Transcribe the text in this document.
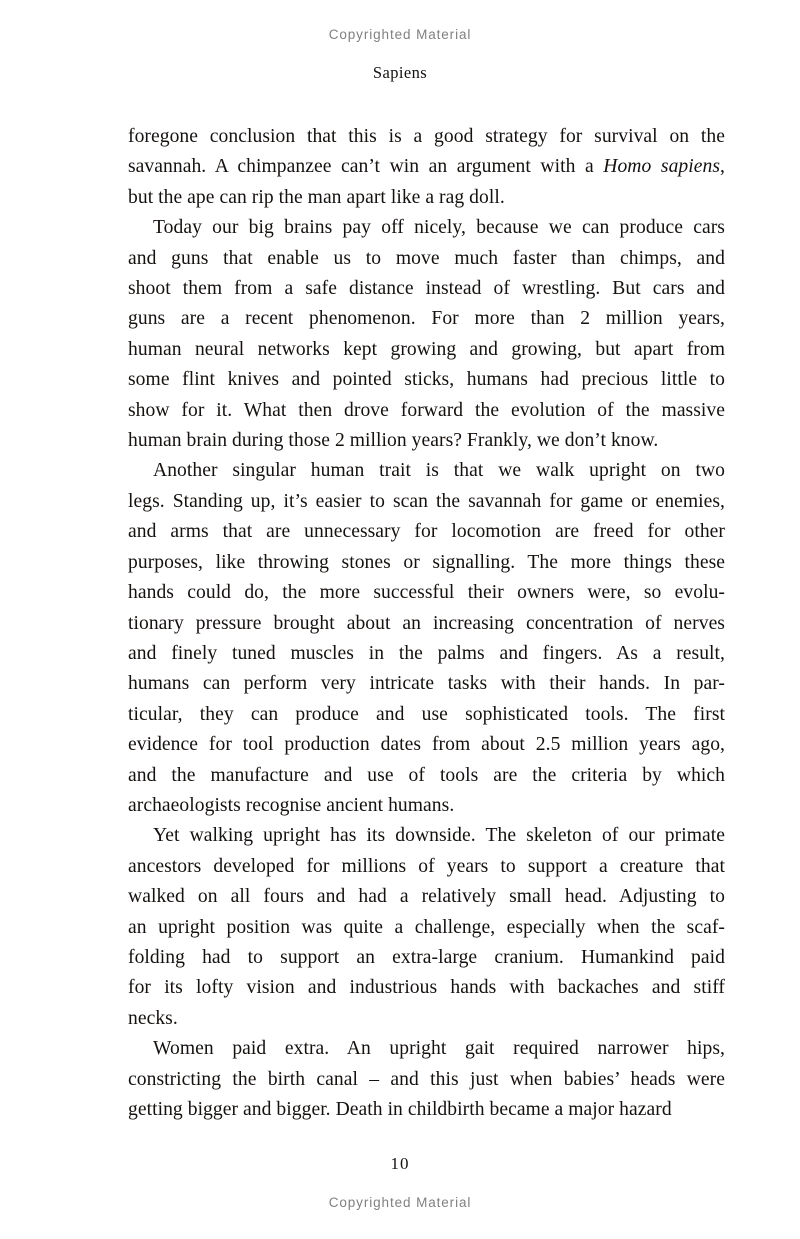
Copyrighted Material
Sapiens

foregone conclusion that this is a good strategy for survival on the
savannah. A chimpanzee can’t win an argument with a Homo sapiens,
but the ape can rip the man apart like a rag doll.

Today our big brains pay off nicely, because we can produce cars
and guns that enable us to move much faster than chimps, and
shoot them from a safe distance instead of wrestling. But cars and
guns are a recent phenomenon. For more than 2 million years,
human neural networks kept growing and growing, but apart from
some flint knives and pointed sticks, humans had precious little to
show for it. What then drove forward the evolution of the massive
human brain during those 2 million years? Frankly, we don’t know.

Another singular human trait is that we walk upright on two
legs. Standing up, it’s easier to scan the savannah for game or enemies,
and arms that are unnecessary for locomotion are freed for other
purposes, like throwing stones or signalling. The more things these
hands could do, the more successful their owners were, so evolu-
tionary pressure brought about an increasing concentration of nerves
and finely tuned muscles in the palms and fingers. As a result,
humans can perform very intricate tasks with their hands. In par-
ticular, they can produce and use sophisticated tools. The first
evidence for tool production dates from about 2.5 million years ago,
and the manufacture and use of tools are the criteria by which
archaeologists recognise ancient humans.

Yet walking upright has its downside. The skeleton of our primate
ancestors developed for millions of years to support a creature that
walked on all fours and had a relatively small head. Adjusting to
an upright position was quite a challenge, especially when the scaf-
folding had to support an extra-large cranium. Humankind paid
for its lofty vision and industrious hands with backaches and stiff
necks.

Women paid extra. An upright gait required narrower hips,
constricting the birth canal – and this just when babies’ heads were
getting bigger and bigger. Death in childbirth became a major hazard

10
Copyrighted Material
